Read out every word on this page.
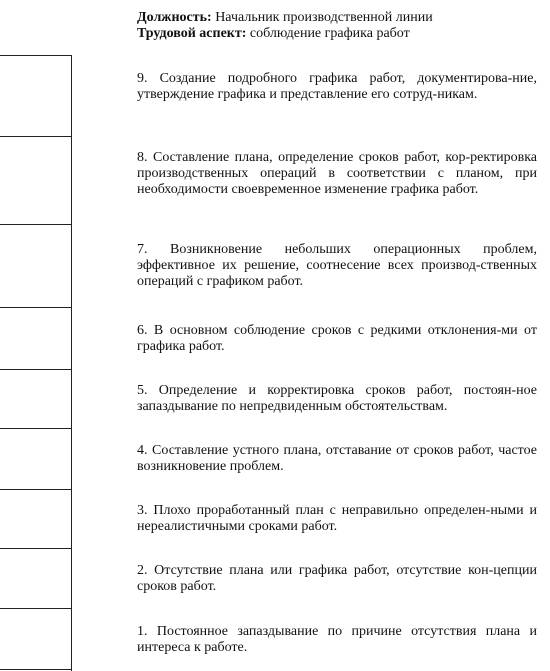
Должность: Начальник производственной линии
Трудовой аспект: соблюдение графика работ
9. Создание подробного графика работ, документирова-ние, утверждение графика и представление его сотруд-никам.
8. Составление плана, определение сроков работ, кор-ректировка производственных операций в соответствии с планом, при необходимости своевременное изменение графика работ.
7. Возникновение небольших операционных проблем, эффективное их решение, соотнесение всех производ-ственных операций с графиком работ.
6. В основном соблюдение сроков с редкими отклонения-ми от графика работ.
5. Определение и корректировка сроков работ, постоян-ное запаздывание по непредвиденным обстоятельствам.
4. Составление устного плана, отставание от сроков работ, частое возникновение проблем.
3. Плохо проработанный план с неправильно определен-ными и нереалистичными сроками работ.
2. Отсутствие плана или графика работ, отсутствие кон-цепции сроков работ.
1. Постоянное запаздывание по причине отсутствия плана и интереса к работе.
